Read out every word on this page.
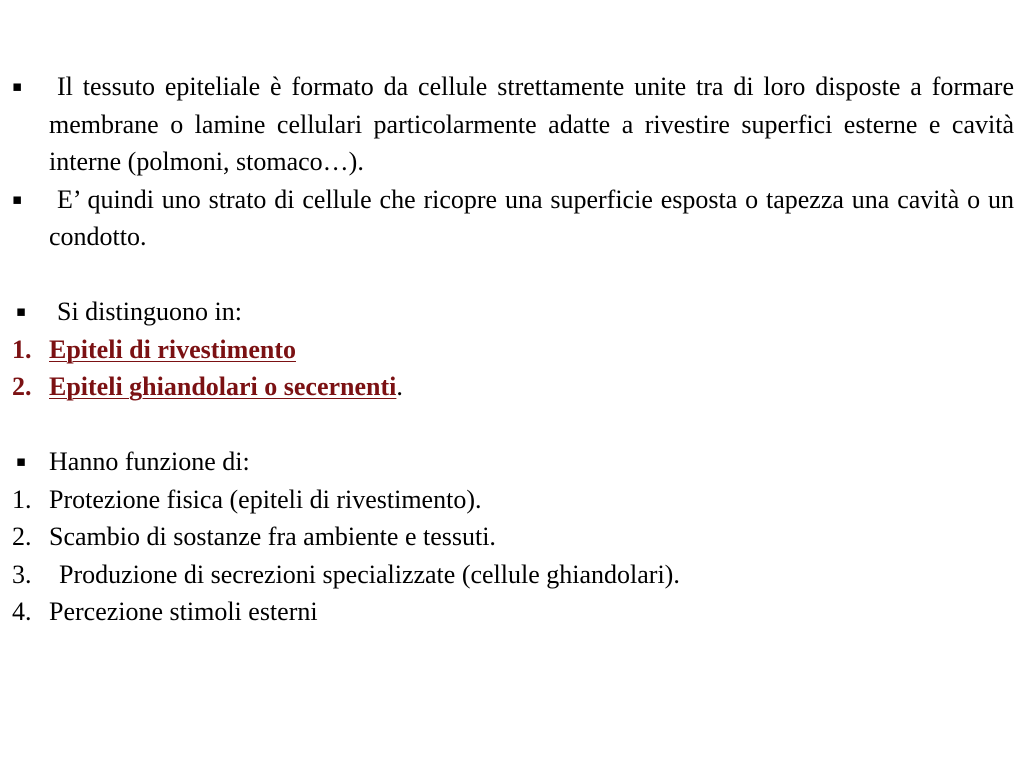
▪	Il tessuto epiteliale è formato da cellule strettamente unite tra di loro disposte a formare membrane o lamine cellulari particolarmente adatte a rivestire superfici esterne e cavità interne (polmoni, stomaco…).
▪	E’ quindi uno strato di cellule che ricopre una superficie esposta o tapezza una cavità o un condotto.
▪	Si distinguono in:
1. Epiteli di rivestimento
2. Epiteli ghiandolari o secernenti.
▪ Hanno funzione di:
1. Protezione fisica (epiteli di rivestimento).
2. Scambio di sostanze fra ambiente e tessuti.
3. Produzione di secrezioni specializzate (cellule ghiandolari).
4. Percezione stimoli esterni
